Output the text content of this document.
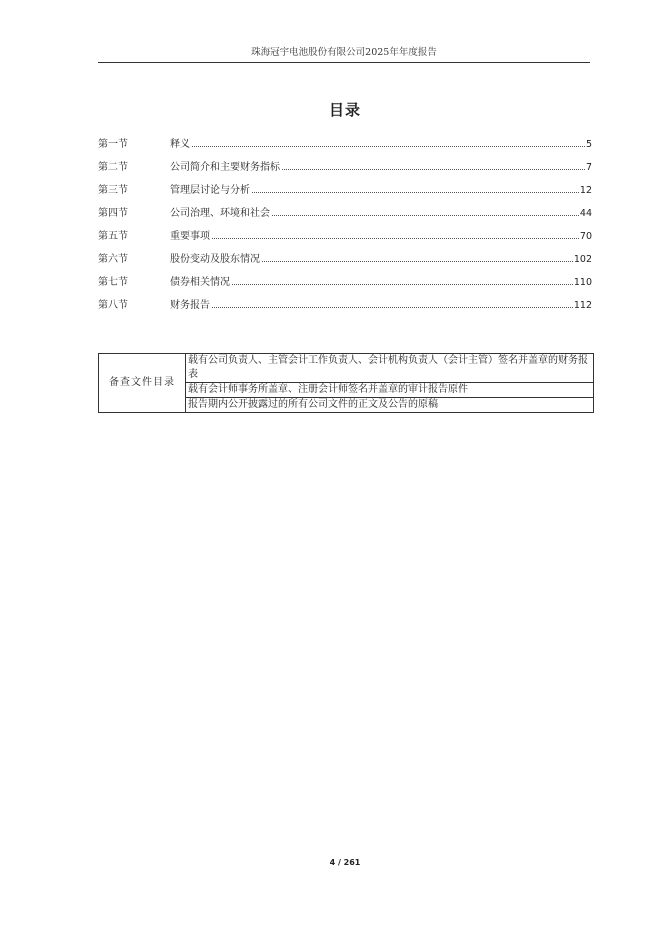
珠海冠宇电池股份有限公司2025年年度报告
目录
第一节	释义	5
第二节	公司简介和主要财务指标	7
第三节	管理层讨论与分析	12
第四节	公司治理、环境和社会	44
第五节	重要事项	70
第六节	股份变动及股东情况	102
第七节	债券相关情况	110
第八节	财务报告	112
备查文件目录	载有公司负责人、主管会计工作负责人、会计机构负责人（会计主管）签名并盖章的财务报表
载有会计师事务所盖章、注册会计师签名并盖章的审计报告原件
报告期内公开披露过的所有公司文件的正文及公告的原稿
4 / 261
